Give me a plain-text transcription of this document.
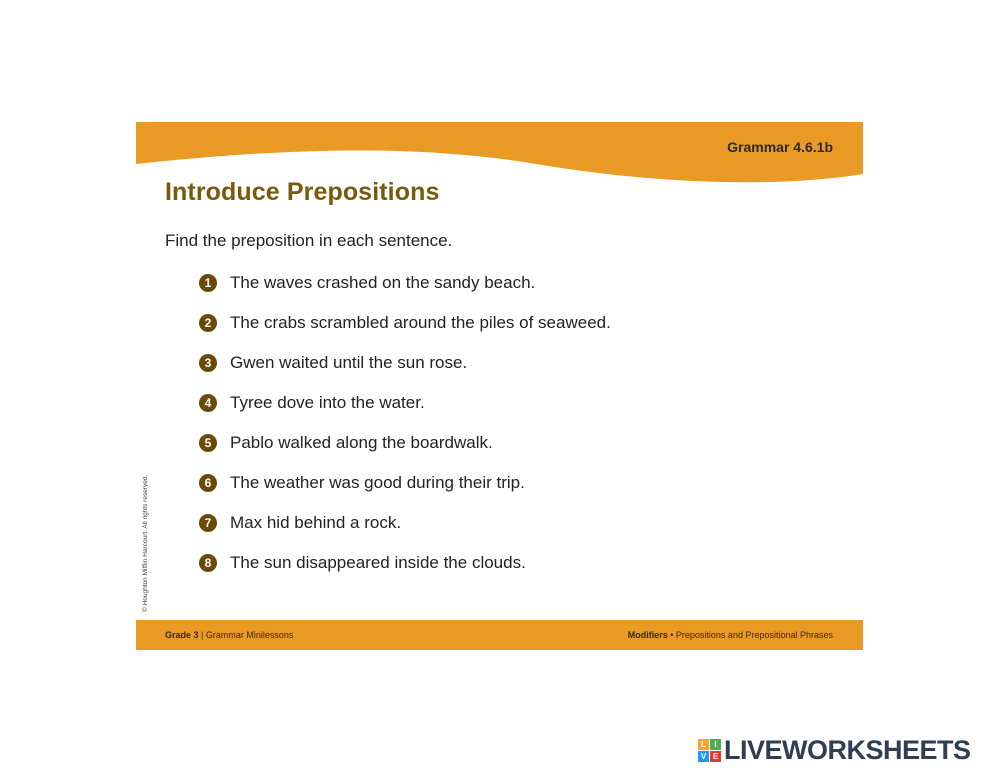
Grammar 4.6.1b
Introduce Prepositions
Find the preposition in each sentence.
1	The waves crashed on the sandy beach.
2	The crabs scrambled around the piles of seaweed.
3	Gwen waited until the sun rose.
4	Tyree dove into the water.
5	Pablo walked along the boardwalk.
6	The weather was good during their trip.
7	Max hid behind a rock.
8	The sun disappeared inside the clouds.
© Houghton Mifflin Harcourt. All rights reserved.
Grade 3 | Grammar Minilessons	Modifiers • Prepositions and Prepositional Phrases
L	I
V E LIVEWORKSHEETS
